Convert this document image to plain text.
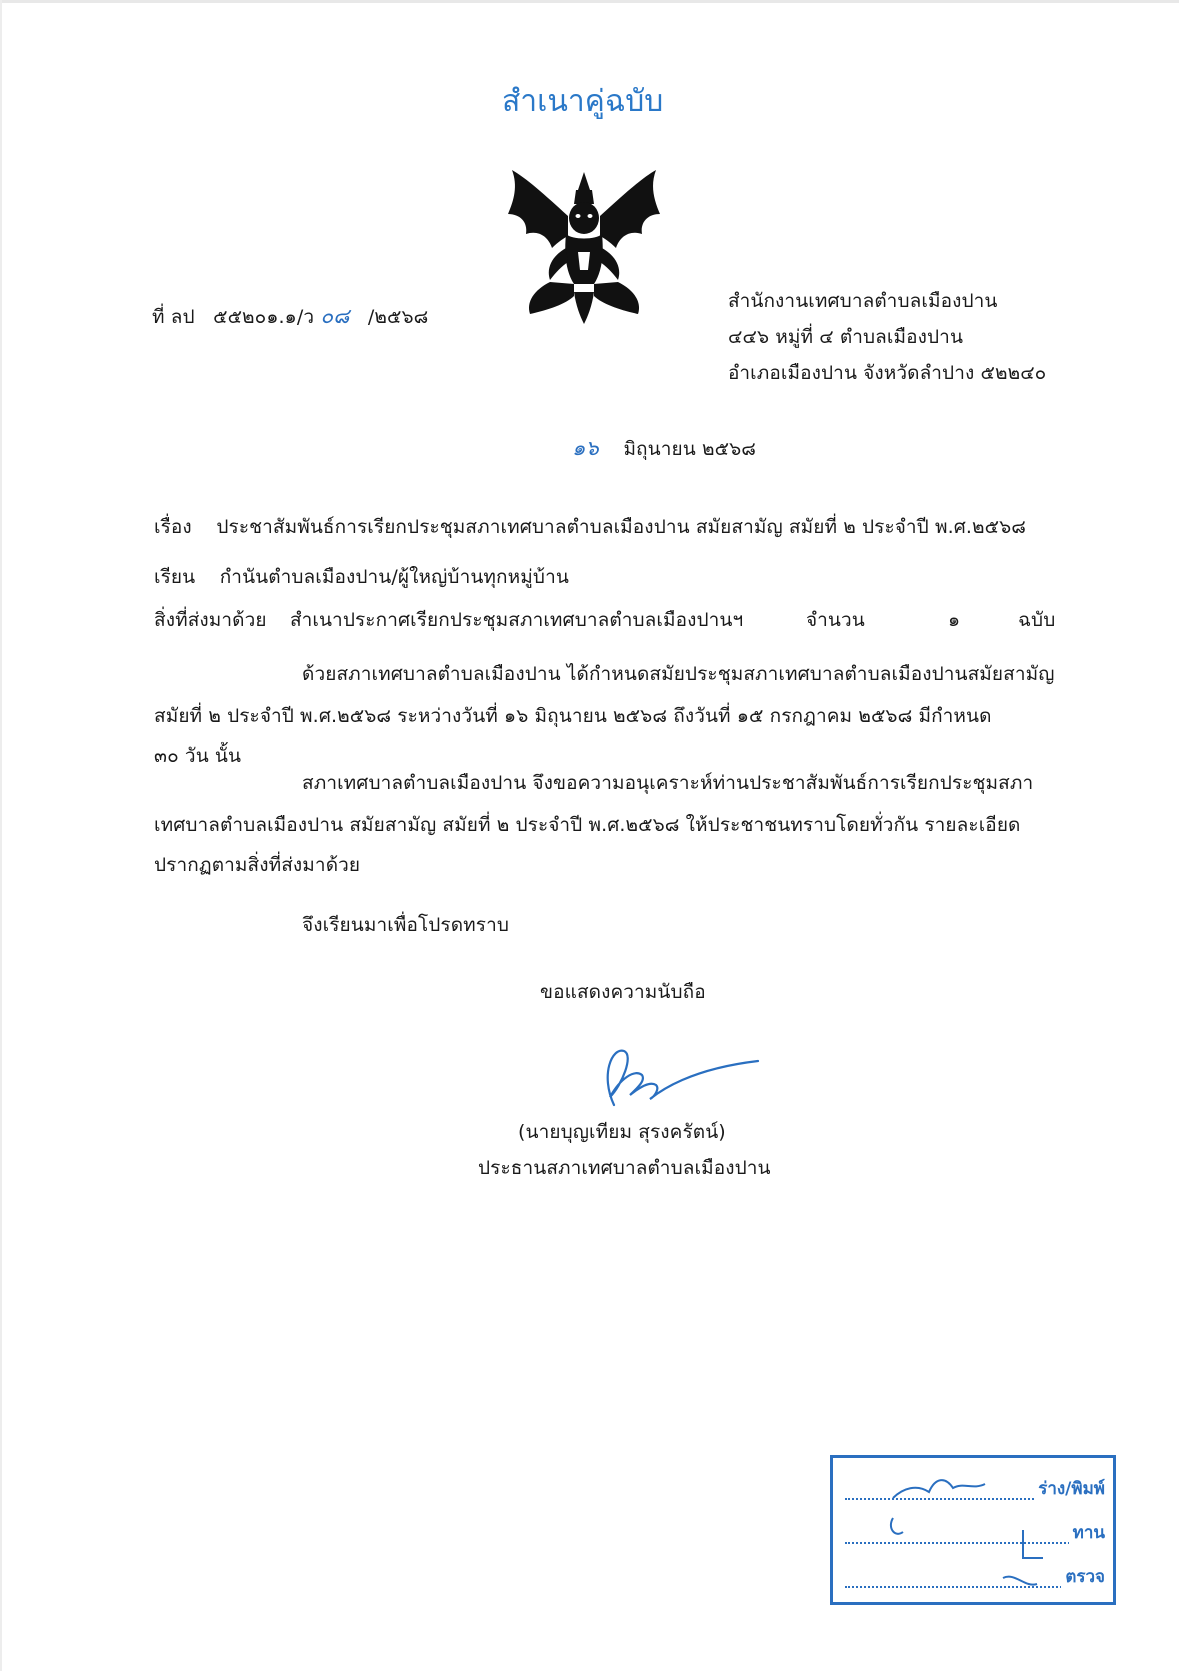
สำเนาคู่ฉบับ
ที่ ลป ๕๕๒๐๑.๑/ว ๐๘ /๒๕๖๘
สำนักงานเทศบาลตำบลเมืองปาน
๔๔๖ หมู่ที่ ๔ ตำบลเมืองปาน
อำเภอเมืองปาน จังหวัดลำปาง ๕๒๒๔๐
๑๖ มิถุนายน ๒๕๖๘
เรื่อง ประชาสัมพันธ์การเรียกประชุมสภาเทศบาลตำบลเมืองปาน สมัยสามัญ สมัยที่ ๒ ประจำปี พ.ศ.๒๕๖๘
เรียน กำนันตำบลเมืองปาน/ผู้ใหญ่บ้านทุกหมู่บ้าน
สิ่งที่ส่งมาด้วย สำเนาประกาศเรียกประชุมสภาเทศบาลตำบลเมืองปานฯ	จำนวน	๑	ฉบับ
ด้วยสภาเทศบาลตำบลเมืองปาน ได้กำหนดสมัยประชุมสภาเทศบาลตำบลเมืองปานสมัยสามัญ
สมัยที่ ๒ ประจำปี พ.ศ.๒๕๖๘ ระหว่างวันที่ ๑๖ มิถุนายน ๒๕๖๘ ถึงวันที่ ๑๕ กรกฎาคม ๒๕๖๘ มีกำหนด
๓๐ วัน นั้น
สภาเทศบาลตำบลเมืองปาน จึงขอความอนุเคราะห์ท่านประชาสัมพันธ์การเรียกประชุมสภา
เทศบาลตำบลเมืองปาน สมัยสามัญ สมัยที่ ๒ ประจำปี พ.ศ.๒๕๖๘ ให้ประชาชนทราบโดยทั่วกัน รายละเอียด
ปรากฏตามสิ่งที่ส่งมาด้วย
จึงเรียนมาเพื่อโปรดทราบ
ขอแสดงความนับถือ
(นายบุญเทียม สุรงครัตน์)
ประธานสภาเทศบาลตำบลเมืองปาน
ร่าง/พิมพ์
ทาน
ตรวจ
